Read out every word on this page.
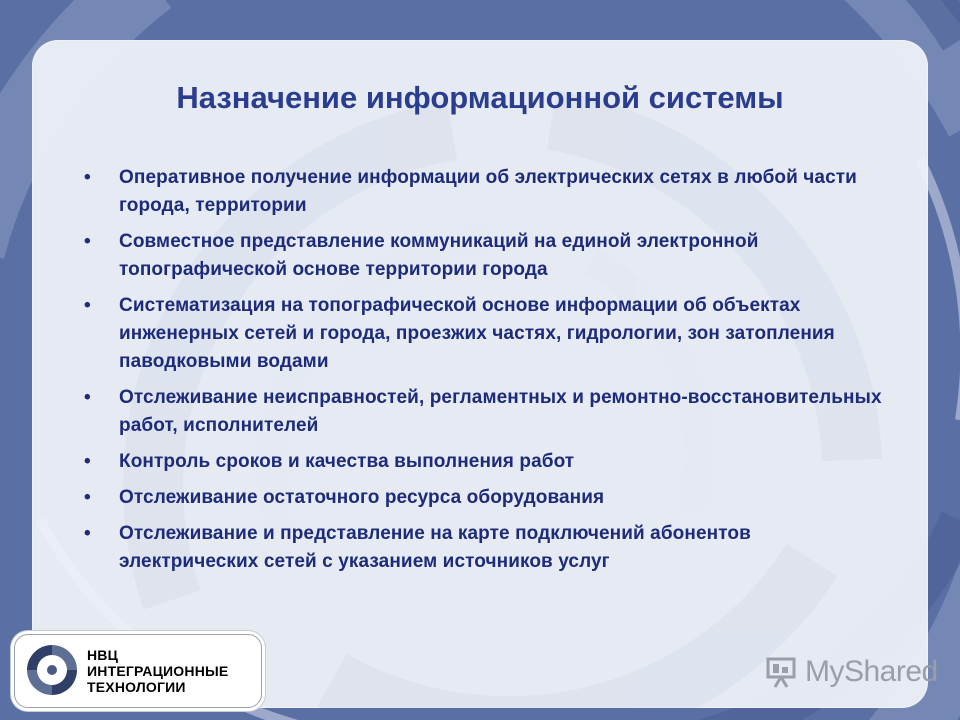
Назначение информационной системы
• Оперативное получение информации об электрических сетях в любой части города, территории
• Совместное представление коммуникаций на единой электронной топографической основе территории города
• Систематизация на топографической основе информации об объектах инженерных сетей и города, проезжих частях, гидрологии, зон затопления паводковыми водами
• Отслеживание неисправностей, регламентных и ремонтно-восстановительных работ, исполнителей
• Контроль сроков и качества выполнения работ
• Отслеживание остаточного ресурса оборудования
• Отслеживание и представление на карте подключений абонентов электрических сетей с указанием источников услуг
НВЦ
ИНТЕГРАЦИОННЫЕ
ТЕХНОЛОГИИ	MyShared
